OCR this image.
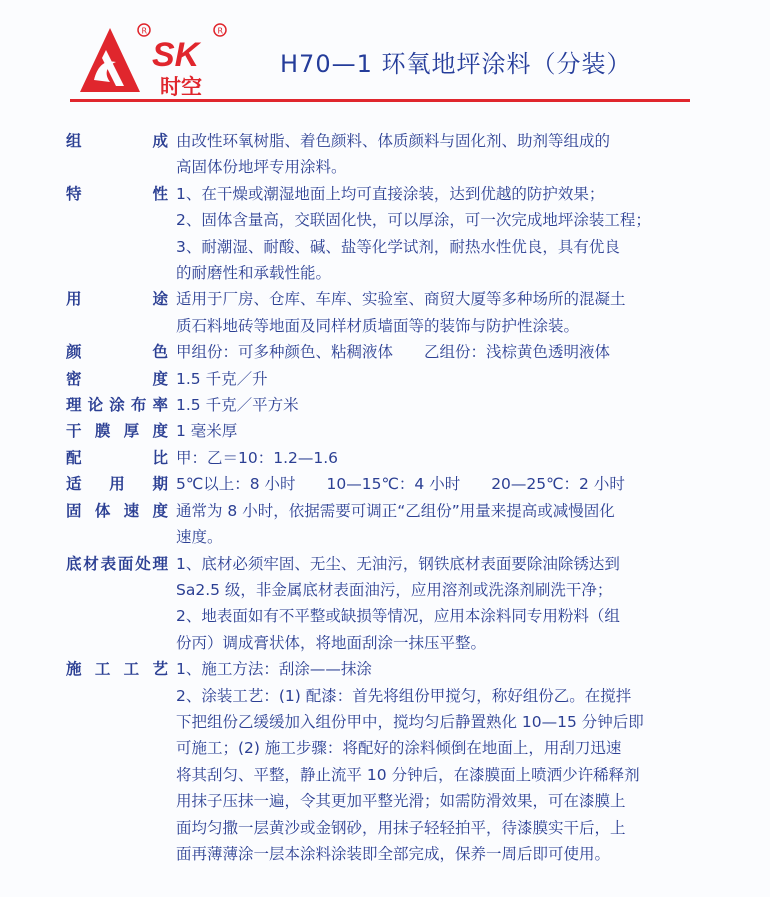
R
SK
R
时空
H70—1 环氧地坪涂料（分装）
组　　成 由改性环氧树脂、着色颜料、体质颜料与固化剂、助剂等组成的

高固体份地坪专用涂料。

特　　性 1、在干燥或潮湿地面上均可直接涂装，达到优越的防护效果；

2、固体含量高，交联固化快，可以厚涂，可一次完成地坪涂装工程；

3、耐潮湿、耐酸、碱、盐等化学试剂，耐热水性优良，具有优良

的耐磨性和承载性能。

用　　途 适用于厂房、仓库、车库、实验室、商贸大厦等多种场所的混凝土

质石料地砖等地面及同样材质墙面等的装饰与防护性涂装。

颜　　色 甲组份：可多种颜色、粘稠液体　　乙组份：浅棕黄色透明液体

密　　度 1.5 千克／升

理论涂布率 1.5 千克／平方米

干膜厚度 1 毫米厚

配　　比 甲：乙＝10：1.2—1.6

适用期 5℃以上：8 小时　　10—15℃：4 小时　　20—25℃：2 小时

固体速度 通常为 8 小时，依据需要可调正“乙组份”用量来提高或减慢固化

速度。

底材表面处理 1、底材必须牢固、无尘、无油污，钢铁底材表面要除油除锈达到

Sa2.5 级，非金属底材表面油污，应用溶剂或洗涤剂刷洗干净；

2、地表面如有不平整或缺损等情况，应用本涂料同专用粉料（组

份丙）调成膏状体，将地面刮涂一抹压平整。

施工工艺 1、施工方法：刮涂——抹涂

2、涂装工艺：(1) 配漆：首先将组份甲搅匀，称好组份乙。在搅拌

下把组份乙缓缓加入组份甲中，搅均匀后静置熟化 10—15 分钟后即

可施工；(2) 施工步骤：将配好的涂料倾倒在地面上，用刮刀迅速

将其刮匀、平整，静止流平 10 分钟后，在漆膜面上喷洒少许稀释剂

用抹子压抹一遍，令其更加平整光滑；如需防滑效果，可在漆膜上

面均匀撒一层黄沙或金钢砂，用抹子轻轻拍平，待漆膜实干后，上

面再薄薄涂一层本涂料涂装即全部完成，保养一周后即可使用。
